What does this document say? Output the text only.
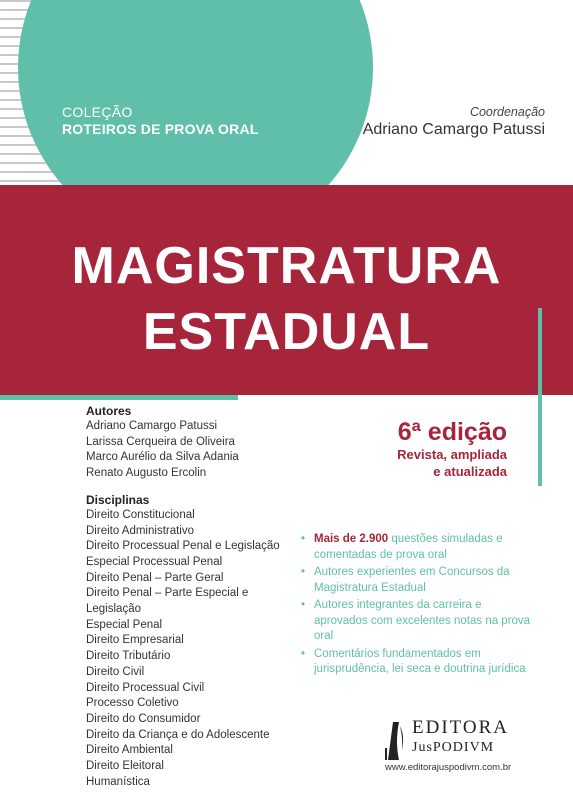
COLEÇÃO
ROTEIROS DE PROVA ORAL
Coordenação
Adriano Camargo Patussi
MAGISTRATURA
ESTADUAL
6ª edição
Revista, ampliada
e atualizada
Autores
Adriano Camargo Patussi
Larissa Cerqueira de Oliveira
Marco Aurélio da Silva Adania
Renato Augusto Ercolin
Disciplinas
Direito Constitucional
Direito Administrativo
Direito Processual Penal e Legislação
Especial Processual Penal
Direito Penal – Parte Geral
Direito Penal – Parte Especial e Legislação
Especial Penal
Direito Empresarial
Direito Tributário
Direito Civil
Direito Processual Civil
Processo Coletivo
Direito do Consumidor
Direito da Criança e do Adolescente
Direito Ambiental
Direito Eleitoral
Humanística
• Mais de 2.900 questões simuladas e comentadas de prova oral
• Autores experientes em Concursos da Magistratura Estadual
• Autores integrantes da carreira e aprovados com excelentes notas na prova oral
• Comentários fundamentados em jurisprudência, lei seca e doutrina jurídica
EDITORA
JusPODIVM
www.editorajuspodivm.com.br
